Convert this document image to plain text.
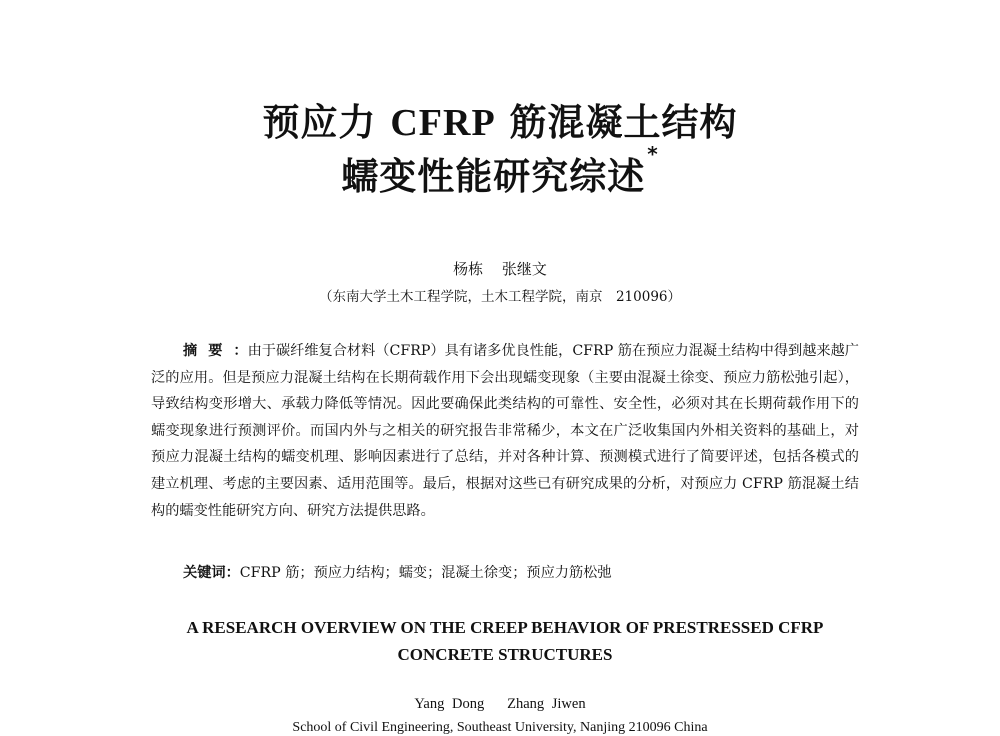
预应力 CFRP 筋混凝土结构
蠕变性能研究综述*
杨栋 张继文
（东南大学土木工程学院，土木工程学院，南京　210096）
摘要：由于碳纤维复合材料（CFRP）具有诸多优良性能，CFRP 筋在预应力混凝土结构中得到越来越广泛的应用。但是预应力混凝土结构在长期荷载作用下会出现蠕变现象（主要由混凝土徐变、预应力筋松弛引起），导致结构变形增大、承载力降低等情况。因此要确保此类结构的可靠性、安全性，必须对其在长期荷载作用下的蠕变现象进行预测评价。而国内外与之相关的研究报告非常稀少，本文在广泛收集国内外相关资料的基础上，对预应力混凝土结构的蠕变机理、影响因素进行了总结，并对各种计算、预测模式进行了简要评述，包括各模式的建立机理、考虑的主要因素、适用范围等。最后，根据对这些已有研究成果的分析，对预应力 CFRP 筋混凝土结构的蠕变性能研究方向、研究方法提供思路。
关键词：CFRP 筋；预应力结构；蠕变；混凝土徐变；预应力筋松弛
A RESEARCH OVERVIEW ON THE CREEP BEHAVIOR OF PRESTRESSED CFRP CONCRETE STRUCTURES
Yang Dong   Zhang Jiwen
School of Civil Engineering, Southeast University, Nanjing 210096 China
